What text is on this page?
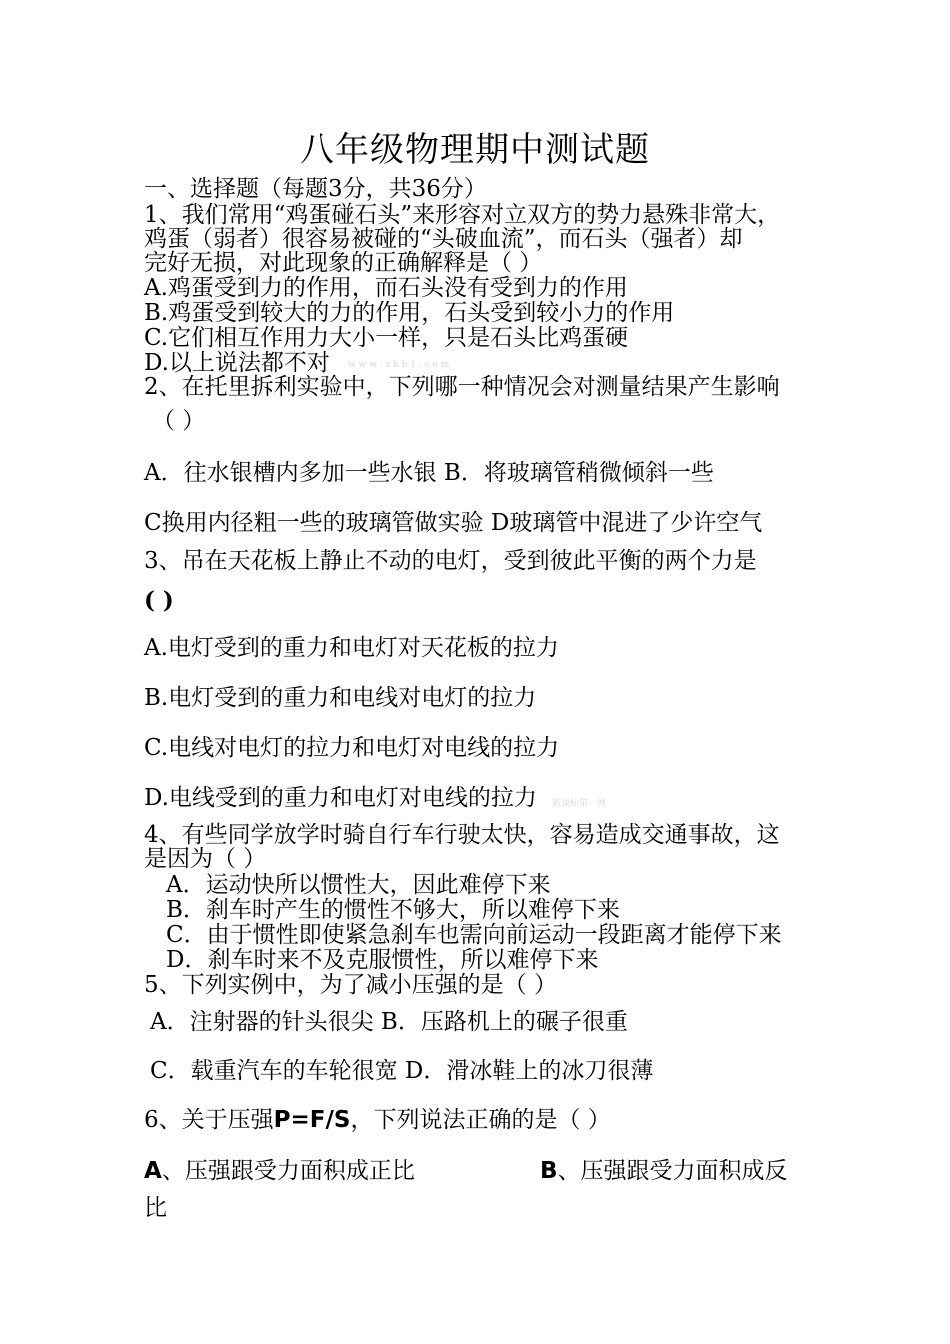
八年级物理期中测试题
一、选择题（每题3分，共36分）
1、我们常用“鸡蛋碰石头”来形容对立双方的势力悬殊非常大，
鸡蛋（弱者）很容易被碰的“头破血流”，而石头（强者）却
完好无损，对此现象的正确解释是（ ）
A.鸡蛋受到力的作用，而石头没有受到力的作用
B.鸡蛋受到较大的力的作用，石头受到较小力的作用
C.它们相互作用力大小一样，只是石头比鸡蛋硬
D.以上说法都不对 w w w . x k b 1 . c o m
2、在托里拆利实验中，下列哪一种情况会对测量结果产生影响
（ ）
A．往水银槽内多加一些水银 B．将玻璃管稍微倾斜一些
C换用内径粗一些的玻璃管做实验 D玻璃管中混进了少许空气
3、吊在天花板上静止不动的电灯，受到彼此平衡的两个力是
( )
A.电灯受到的重力和电灯对天花板的拉力
B.电灯受到的重力和电线对电灯的拉力
C.电线对电灯的拉力和电灯对电线的拉力
D.电线受到的重力和电灯对电线的拉力 新课标第一网
4、有些同学放学时骑自行车行驶太快，容易造成交通事故，这
是因为（ ）
A．运动快所以惯性大，因此难停下来
B．刹车时产生的惯性不够大，所以难停下来
C．由于惯性即使紧急刹车也需向前运动一段距离才能停下来
D．刹车时来不及克服惯性，所以难停下来
5、下列实例中，为了减小压强的是（ ）
A．注射器的针头很尖 B．压路机上的碾子很重
C．载重汽车的车轮很宽 D．滑冰鞋上的冰刀很薄
6、关于压强P=F/S，下列说法正确的是（ ）
A、压强跟受力面积成正比	B、压强跟受力面积成反
比
